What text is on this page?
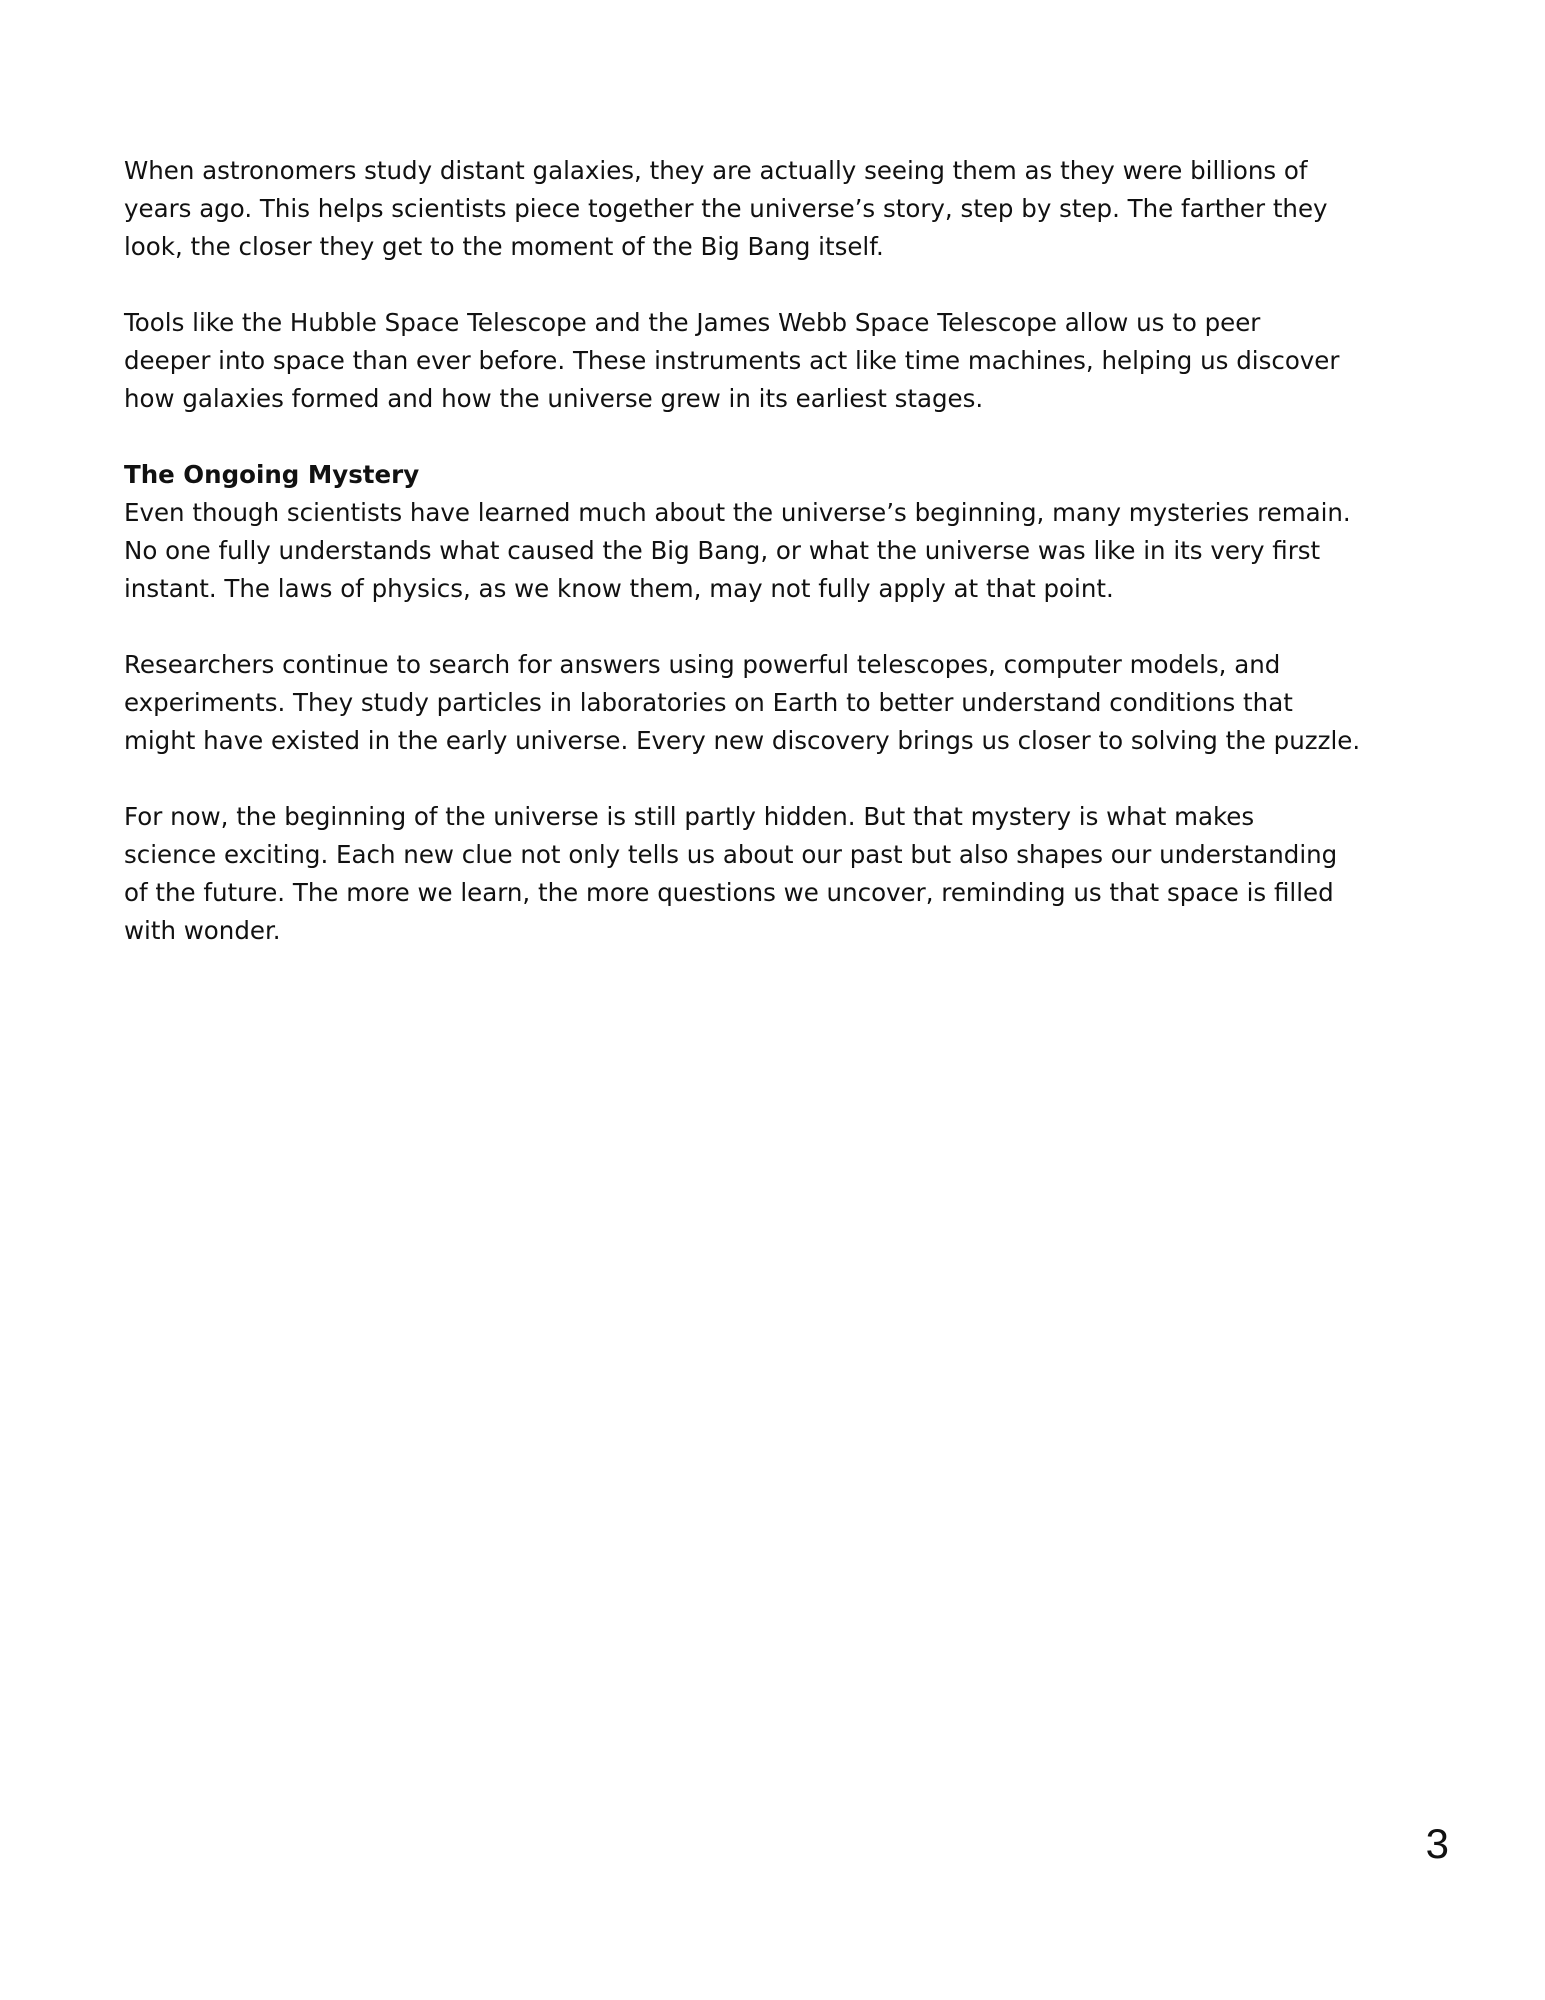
When astronomers study distant galaxies, they are actually seeing them as they were billions of
years ago. This helps scientists piece together the universe’s story, step by step. The farther they
look, the closer they get to the moment of the Big Bang itself.

Tools like the Hubble Space Telescope and the James Webb Space Telescope allow us to peer
deeper into space than ever before. These instruments act like time machines, helping us discover
how galaxies formed and how the universe grew in its earliest stages.

The Ongoing Mystery

Even though scientists have learned much about the universe’s beginning, many mysteries remain.
No one fully understands what caused the Big Bang, or what the universe was like in its very first
instant. The laws of physics, as we know them, may not fully apply at that point.

Researchers continue to search for answers using powerful telescopes, computer models, and
experiments. They study particles in laboratories on Earth to better understand conditions that
might have existed in the early universe. Every new discovery brings us closer to solving the puzzle.

For now, the beginning of the universe is still partly hidden. But that mystery is what makes
science exciting. Each new clue not only tells us about our past but also shapes our understanding
of the future. The more we learn, the more questions we uncover, reminding us that space is filled
with wonder.

3
